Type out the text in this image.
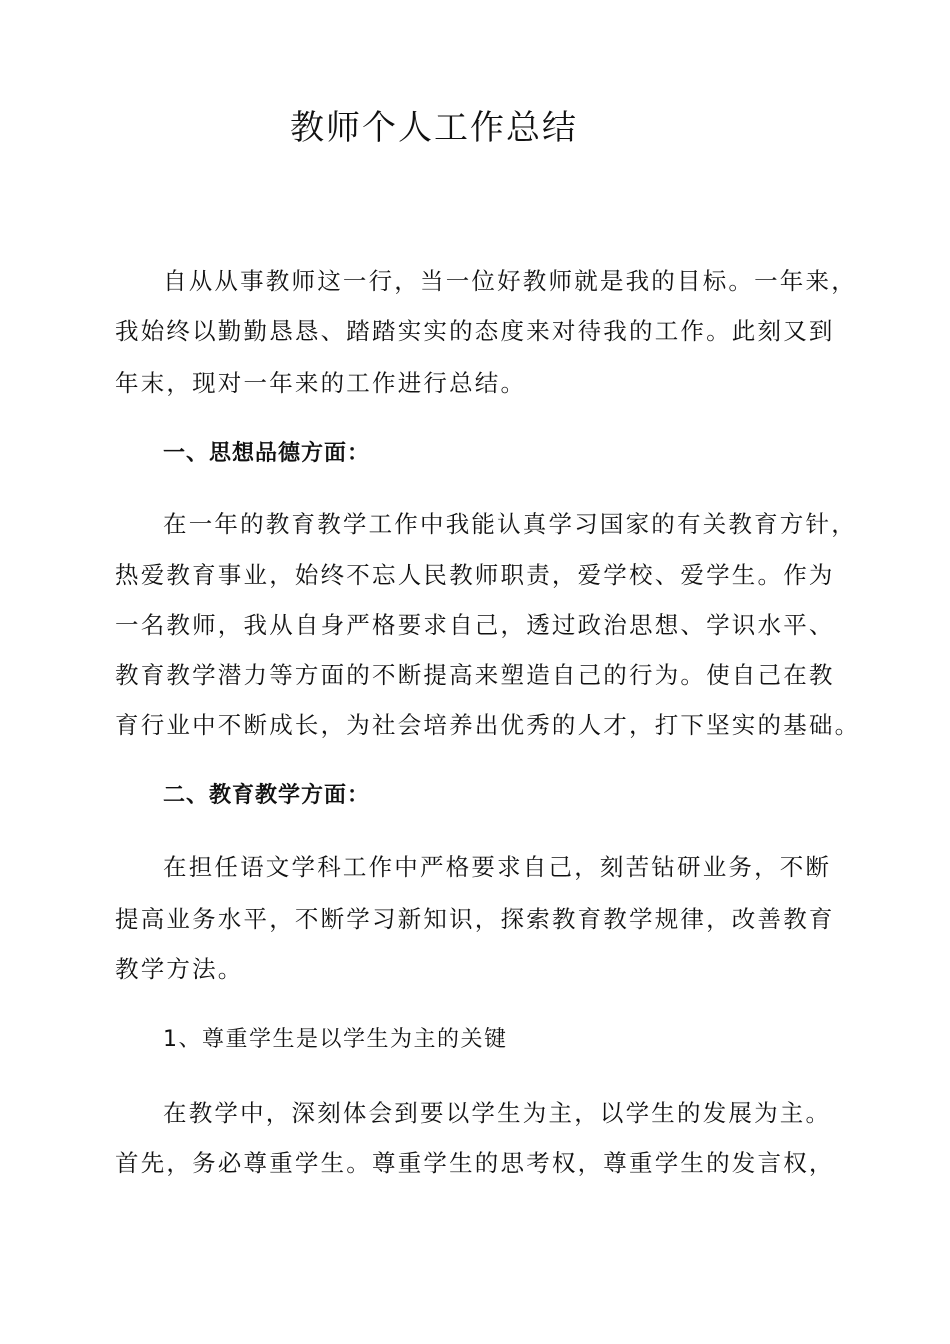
教师个人工作总结
自从从事教师这一行，当一位好教师就是我的目标。一年来，
我始终以勤勤恳恳、踏踏实实的态度来对待我的工作。此刻又到
年末，现对一年来的工作进行总结。
一、思想品德方面：
在一年的教育教学工作中我能认真学习国家的有关教育方针，
热爱教育事业，始终不忘人民教师职责，爱学校、爱学生。作为
一名教师，我从自身严格要求自己，透过政治思想、学识水平、
教育教学潜力等方面的不断提高来塑造自己的行为。使自己在教
育行业中不断成长，为社会培养出优秀的人才，打下坚实的基础。
二、教育教学方面：
在担任语文学科工作中严格要求自己，刻苦钻研业务，不断
提高业务水平，不断学习新知识，探索教育教学规律，改善教育
教学方法。
1、尊重学生是以学生为主的关键
在教学中，深刻体会到要以学生为主，以学生的发展为主。
首先，务必尊重学生。尊重学生的思考权，尊重学生的发言权，
